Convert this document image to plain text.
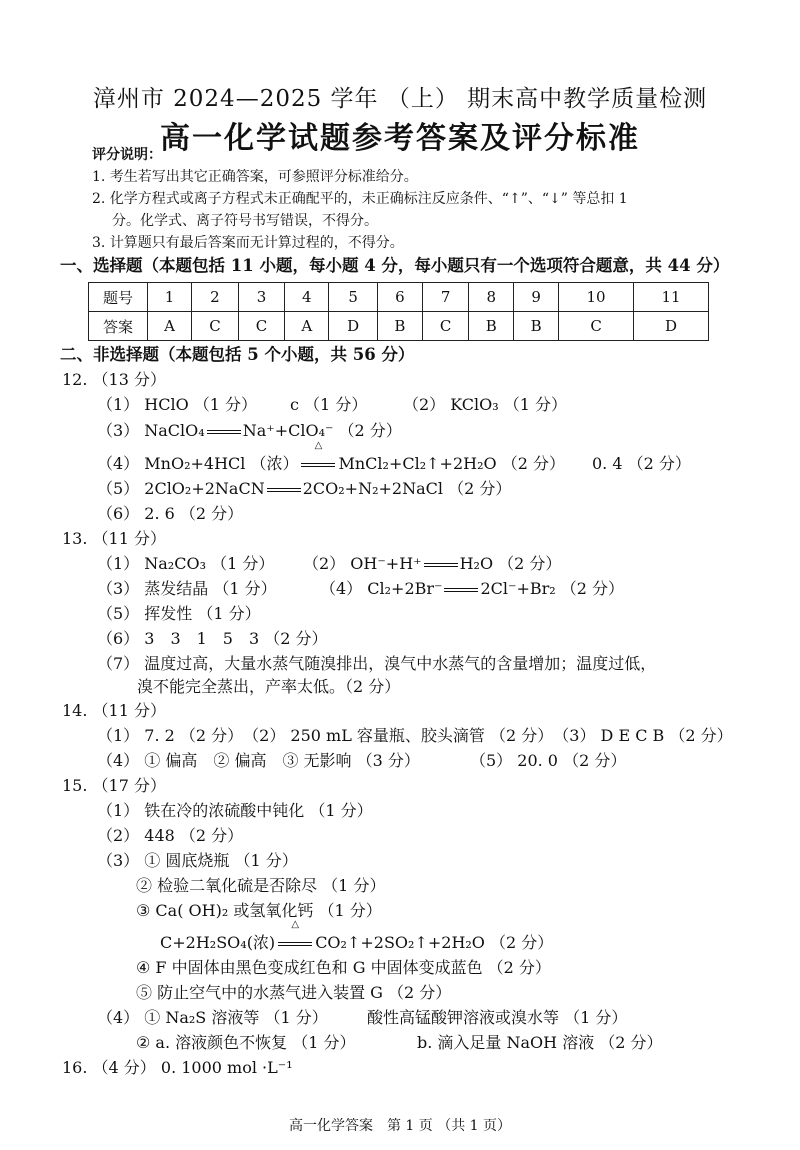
漳州市 2024—2025 学年 （上） 期末高中教学质量检测
高一化学试题参考答案及评分标准
评分说明：
1. 考生若写出其它正确答案，可参照评分标准给分。
2. 化学方程式或离子方程式未正确配平的，未正确标注反应条件、“↑”、“↓” 等总扣 1
分。化学式、离子符号书写错误，不得分。
3. 计算题只有最后答案而无计算过程的，不得分。
一、选择题（本题包括 11 小题，每小题 4 分，每小题只有一个选项符合题意，共 44 分）
题号	1	2	3	4	5	6	7	8	9	10	11
答案	A	C	C	A	D	B	C	B	B	C	D
二、非选择题（本题包括 5 个小题，共 56 分）
12. （13 分）
（1） HClO （1 分） c （1 分） （2） KClO₃ （1 分）
（3） NaClO₄ Na⁺+ClO₄⁻ （2 分）
（4） MnO₂+4HCl （浓）
△
MnCl₂+Cl₂↑+2H₂O （2 分） 0. 4 （2 分）
（5） 2ClO₂+2NaCN 2CO₂+N₂+2NaCl （2 分）
（6） 2. 6 （2 分）
13. （11 分）
（1） Na₂CO₃ （1 分） （2） OH⁻+H⁺ H₂O （2 分）
（3） 蒸发结晶 （1 分）	（4） Cl₂+2Br⁻ 2Cl⁻+Br₂ （2 分）
（5） 挥发性 （1 分）
（6） 3　3　1　5　3 （2 分）
（7） 温度过高，大量水蒸气随溴排出，溴气中水蒸气的含量增加；温度过低，
溴不能完全蒸出，产率太低。（2 分）
14. （11 分）
（1） 7. 2 （2 分）　（2） 250 mL 容量瓶、胶头滴管 （2 分）　（3） D E C B （2 分）
（4） ① 偏高　② 偏高　③ 无影响 （3 分）	（5） 20. 0 （2 分）
15. （17 分）
（1） 铁在冷的浓硫酸中钝化 （1 分）
（2） 448 （2 分）
（3） ① 圆底烧瓶 （1 分）
② 检验二氧化硫是否除尽 （1 分）
③ Ca( OH)₂ 或氢氧化钙 （1 分）
C+2H₂SO₄(浓)
△
CO₂↑+2SO₂↑+2H₂O （2 分）
④ F 中固体由黑色变成红色和 G 中固体变成蓝色 （2 分）
⑤ 防止空气中的水蒸气进入装置 G （2 分）
（4） ① Na₂S 溶液等 （1 分） 酸性高锰酸钾溶液或溴水等 （1 分）
② a. 溶液颜色不恢复 （1 分）	b. 滴入足量 NaOH 溶液 （2 分）
16. （4 分） 0. 1000 mol ·L⁻¹
高一化学答案　第 1 页 （共 1 页）
